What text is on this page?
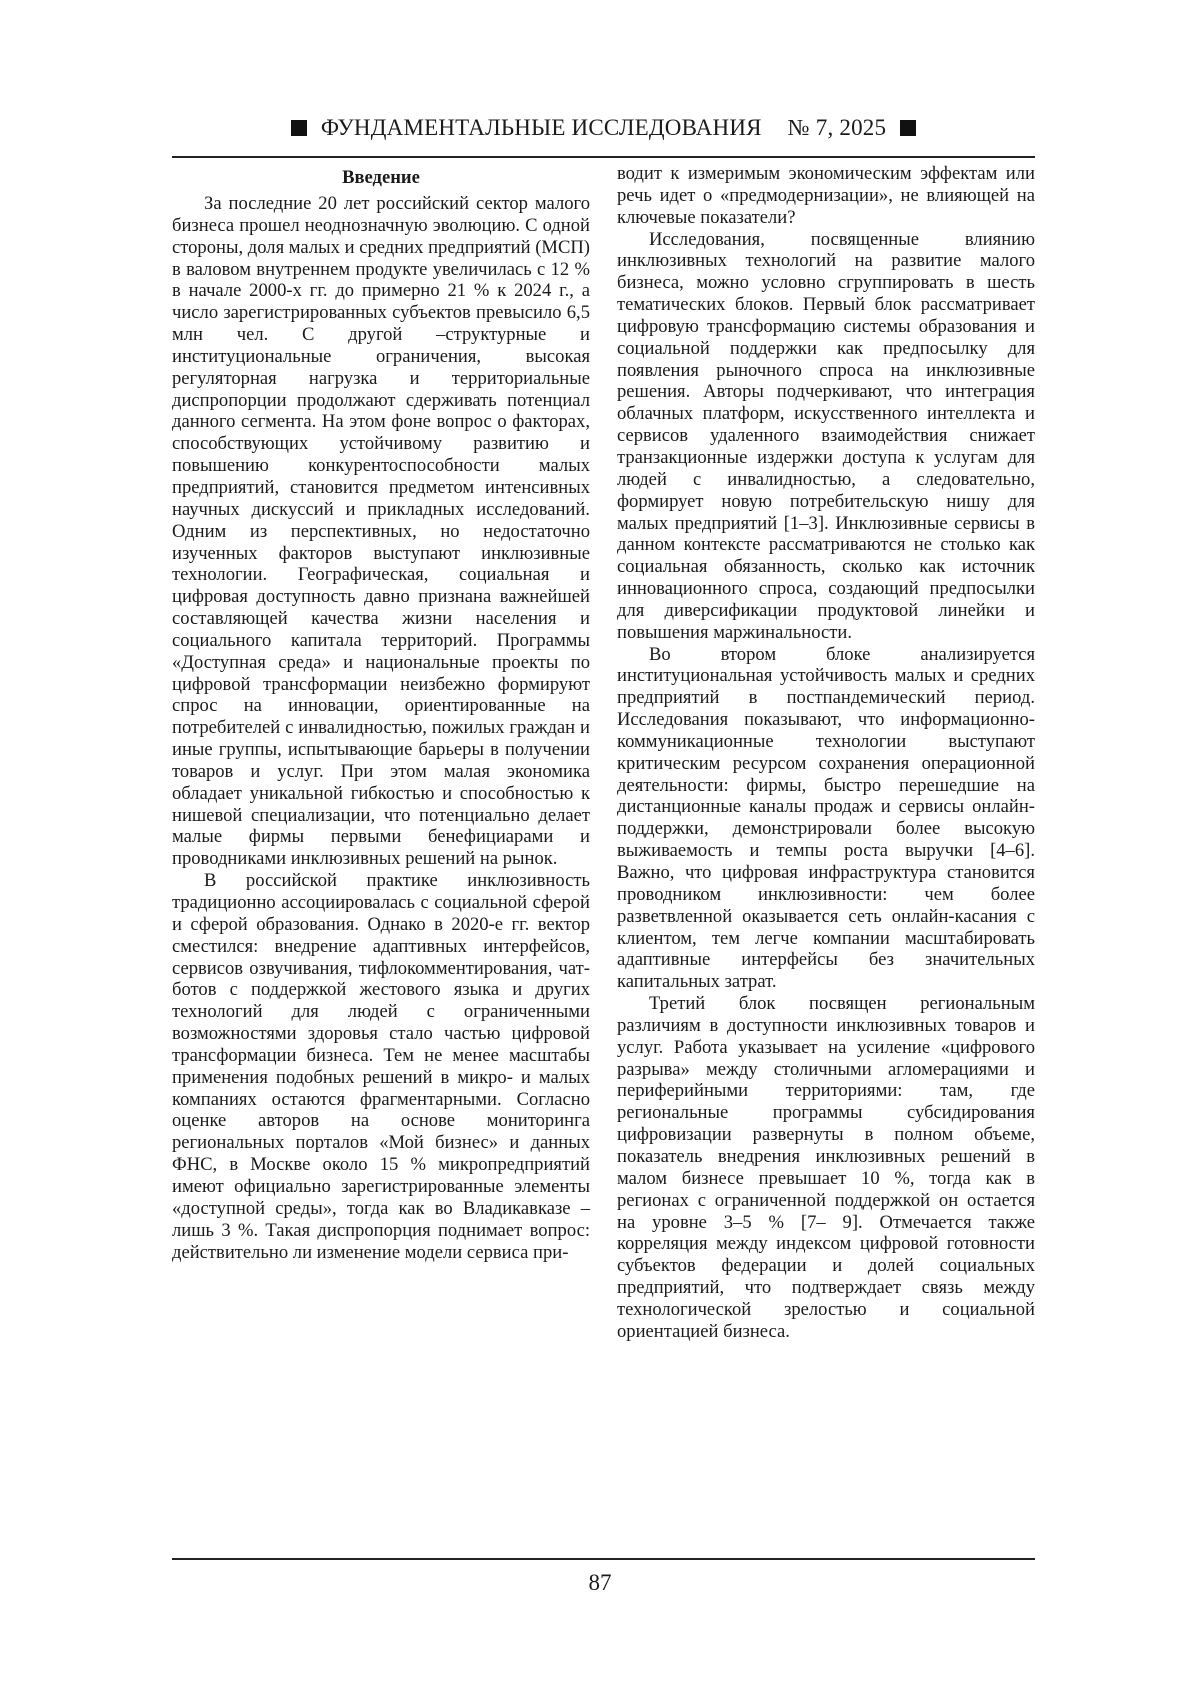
ФУНДАМЕНТАЛЬНЫЕ ИССЛЕДОВАНИЯ № 7, 2025
Введение

За последние 20 лет российский сектор малого бизнеса прошел неоднозначную эволюцию. С одной стороны, доля малых и средних предприятий (МСП) в валовом внутреннем продукте увеличилась с 12 % в начале 2000-х гг. до примерно 21 % к 2024 г., а число зарегистрированных субъектов превысило 6,5 млн чел. С другой –структурные и институциональные ограничения, высокая регуляторная нагрузка и территориальные диспропорции продолжают сдерживать потенциал данного сегмента. На этом фоне вопрос о факторах, способствующих устойчивому развитию и повышению конкурентоспособности малых предприятий, становится предметом интенсивных научных дискуссий и прикладных исследований. Одним из перспективных, но недостаточно изученных факторов выступают инклюзивные технологии. Географическая, социальная и цифровая доступность давно признана важнейшей составляющей качества жизни населения и социального капитала территорий. Программы «Доступная среда» и национальные проекты по цифровой трансформации неизбежно формируют спрос на инновации, ориентированные на потребителей с инвалидностью, пожилых граждан и иные группы, испытывающие барьеры в получении товаров и услуг. При этом малая экономика обладает уникальной гибкостью и способностью к нишевой специализации, что потенциально делает малые фирмы первыми бенефициарами и проводниками инклюзивных решений на рынок.

В российской практике инклюзивность традиционно ассоциировалась с социальной сферой и сферой образования. Однако в 2020-е гг. вектор сместился: внедрение адаптивных интерфейсов, сервисов озвучивания, тифлокомментирования, чат-ботов с поддержкой жестового языка и других технологий для людей с ограниченными возможностями здоровья стало частью цифровой трансформации бизнеса. Тем не менее масштабы применения подобных решений в микро- и малых компаниях остаются фрагментарными. Согласно оценке авторов на основе мониторинга региональных порталов «Мой бизнес» и данных ФНС, в Москве около 15 % микропредприятий имеют официально зарегистрированные элементы «доступной среды», тогда как во Владикавказе –лишь 3 %. Такая диспропорция поднимает вопрос: действительно ли изменение модели сервиса при-

водит к измеримым экономическим эффектам или речь идет о «предмодернизации», не влияющей на ключевые показатели?

Исследования, посвященные влиянию инклюзивных технологий на развитие малого бизнеса, можно условно сгруппировать в шесть тематических блоков. Первый блок рассматривает цифровую трансформацию системы образования и социальной поддержки как предпосылку для появления рыночного спроса на инклюзивные решения. Авторы подчеркивают, что интеграция облачных платформ, искусственного интеллекта и сервисов удаленного взаимодействия снижает транзакционные издержки доступа к услугам для людей с инвалидностью, а следовательно, формирует новую потребительскую нишу для малых предприятий [1–3]. Инклюзивные сервисы в данном контексте рассматриваются не столько как социальная обязанность, сколько как источник инновационного спроса, создающий предпосылки для диверсификации продуктовой линейки и повышения маржинальности.

Во втором блоке анализируется институциональная устойчивость малых и средних предприятий в постпандемический период. Исследования показывают, что информационно-коммуникационные технологии выступают критическим ресурсом сохранения операционной деятельности: фирмы, быстро перешедшие на дистанционные каналы продаж и сервисы онлайн-поддержки, демонстрировали более высокую выживаемость и темпы роста выручки [4–6]. Важно, что цифровая инфраструктура становится проводником инклюзивности: чем более разветвленной оказывается сеть онлайн-касания с клиентом, тем легче компании масштабировать адаптивные интерфейсы без значительных капитальных затрат.

Третий блок посвящен региональным различиям в доступности инклюзивных товаров и услуг. Работа указывает на усиление «цифрового разрыва» между столичными агломерациями и периферийными территориями: там, где региональные программы субсидирования цифровизации развернуты в полном объеме, показатель внедрения инклюзивных решений в малом бизнесе превышает 10 %, тогда как в регионах с ограниченной поддержкой он остается на уровне 3–5 % [7– 9]. Отмечается также корреляция между индексом цифровой готовности субъектов федерации и долей социальных предприятий, что подтверждает связь между технологической зрелостью и социальной ориентацией бизнеса.

87
